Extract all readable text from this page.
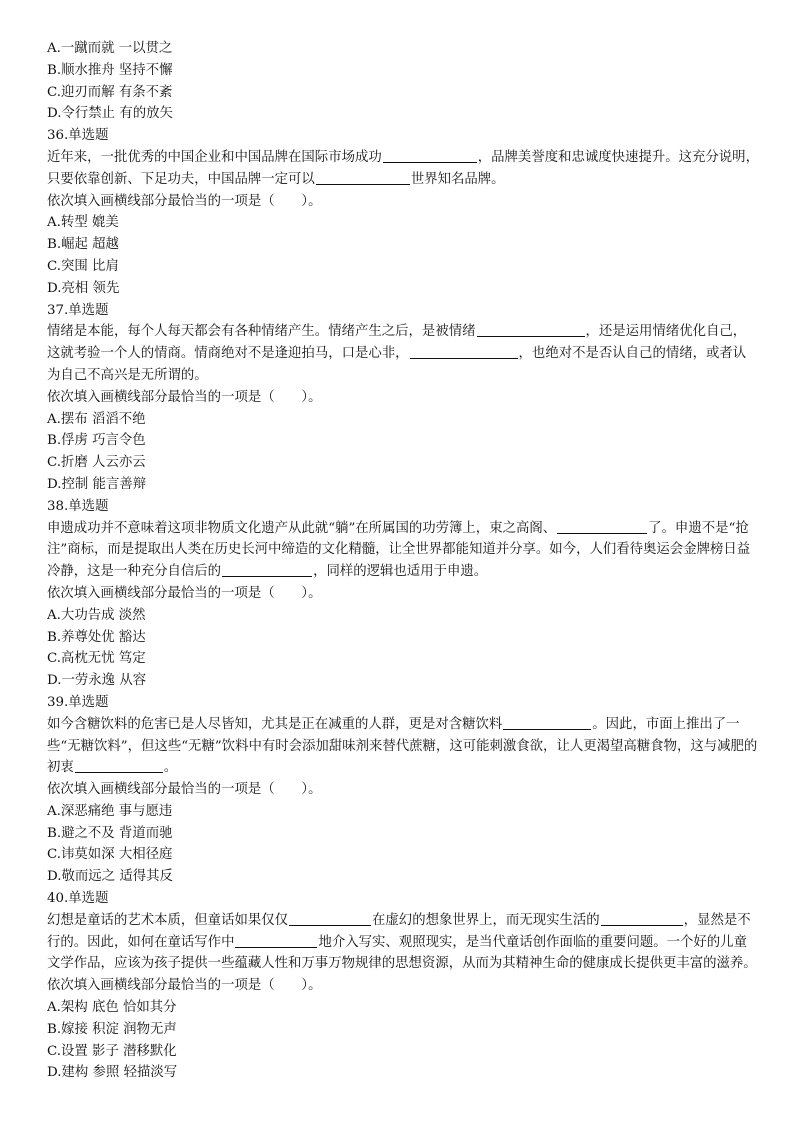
A.一蹴而就 一以贯之
B.顺水推舟 坚持不懈
C.迎刃而解 有条不紊
D.令行禁止 有的放矢
36.单选题
近年来，一批优秀的中国企业和中国品牌在国际市场成功	，品牌美誉度和忠诚度快速提升。这充分说明，只要依靠创新、下足功夫，中国品牌一定可以	世界知名品牌。
依次填入画横线部分最恰当的一项是（　　）。
A.转型 媲美
B.崛起 超越
C.突围 比肩
D.亮相 领先
37.单选题
情绪是本能，每个人每天都会有各种情绪产生。情绪产生之后，是被情绪	，还是运用情绪优化自己，这就考验一个人的情商。情商绝对不是逢迎拍马，口是心非，	，也绝对不是否认自己的情绪，或者认为自己不高兴是无所谓的。
依次填入画横线部分最恰当的一项是（　　）。
A.摆布 滔滔不绝
B.俘虏 巧言令色
C.折磨 人云亦云
D.控制 能言善辩
38.单选题
申遗成功并不意味着这项非物质文化遗产从此就“躺”在所属国的功劳簿上，束之高阁、	了。申遗不是“抢注”商标，而是提取出人类在历史长河中缔造的文化精髓，让全世界都能知道并分享。如今，人们看待奥运会金牌榜日益冷静，这是一种充分自信后的	，同样的逻辑也适用于申遗。
依次填入画横线部分最恰当的一项是（　　）。
A.大功告成 淡然
B.养尊处优 豁达
C.高枕无忧 笃定
D.一劳永逸 从容
39.单选题
如今含糖饮料的危害已是人尽皆知，尤其是正在减重的人群，更是对含糖饮料	。因此，市面上推出了一些“无糖饮料”，但这些“无糖”饮料中有时会添加甜味剂来替代蔗糖，这可能刺激食欲，让人更渴望高糖食物，这与减肥的初衷	。
依次填入画横线部分最恰当的一项是（　　）。
A.深恶痛绝 事与愿违
B.避之不及 背道而驰
C.讳莫如深 大相径庭
D.敬而远之 适得其反
40.单选题
幻想是童话的艺术本质，但童话如果仅仅	在虚幻的想象世界上，而无现实生活的	，显然是不行的。因此，如何在童话写作中	地介入写实、观照现实，是当代童话创作面临的重要问题。一个好的儿童文学作品，应该为孩子提供一些蕴藏人性和万事万物规律的思想资源，从而为其精神生命的健康成长提供更丰富的滋养。
依次填入画横线部分最恰当的一项是（　　）。
A.架构 底色 恰如其分
B.嫁接 积淀 润物无声
C.设置 影子 潜移默化
D.建构 参照 轻描淡写
